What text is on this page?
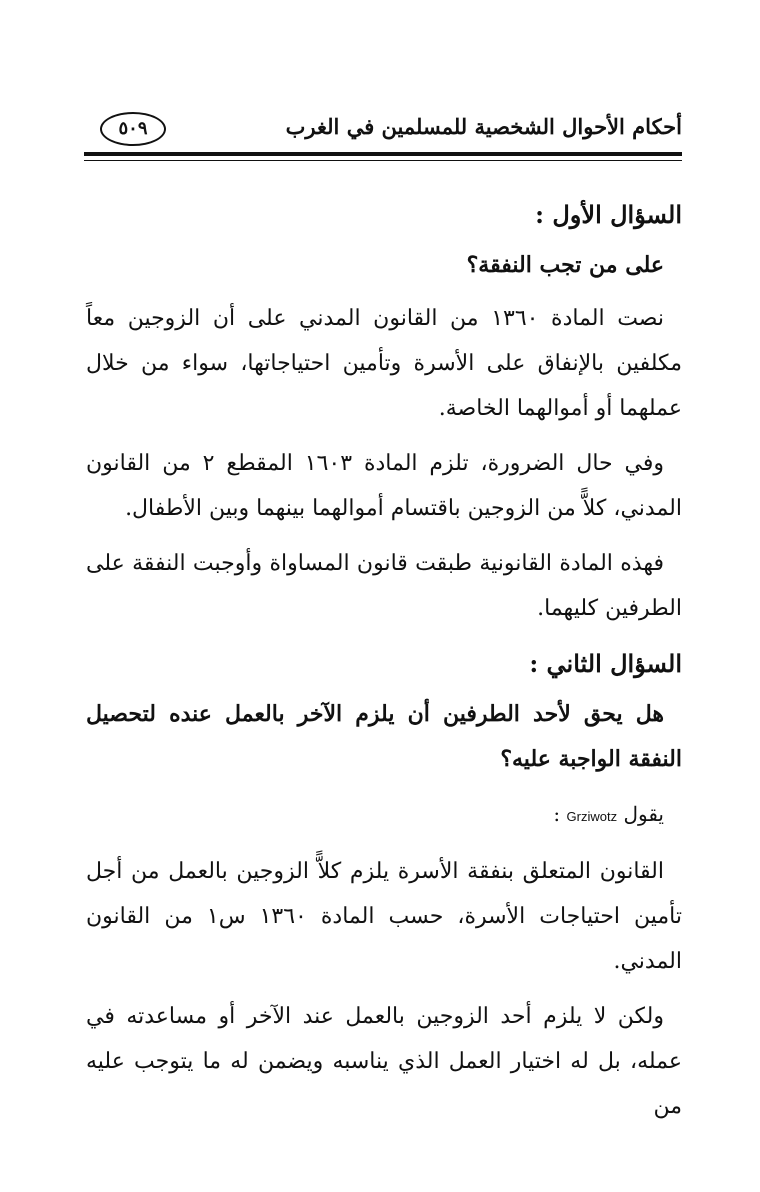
أحكام الأحوال الشخصية للمسلمين في الغرب
٥٠٩
السؤال الأول :
على من تجب النفقة؟

نصت المادة ١٣٦٠ من القانون المدني على أن الزوجين معاً مكلفين بالإنفاق على الأسرة وتأمين احتياجاتها، سواء من خلال عملهما أو أموالهما الخاصة.

وفي حال الضرورة، تلزم المادة ١٦٠٣ المقطع ٢ من القانون المدني، كلاًّ من الزوجين باقتسام أموالهما بينهما وبين الأطفال.

فهذه المادة القانونية طبقت قانون المساواة وأوجبت النفقة على الطرفين كليهما.

السؤال الثاني :
هل يحق لأحد الطرفين أن يلزم الآخر بالعمل عنده لتحصيل النفقة الواجبة عليه؟

يقول Grziwotz :

القانون المتعلق بنفقة الأسرة يلزم كلاًّ الزوجين بالعمل من أجل تأمين احتياجات الأسرة، حسب المادة ١٣٦٠ س١ من القانون المدني.

ولكن لا يلزم أحد الزوجين بالعمل عند الآخر أو مساعدته في عمله، بل له اختيار العمل الذي يناسبه ويضمن له ما يتوجب عليه من
